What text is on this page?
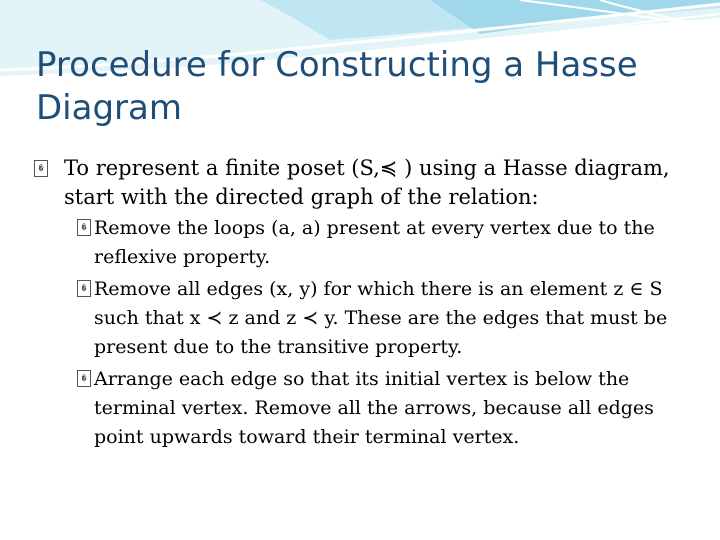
Procedure for Constructing a Hasse Diagram
� To represent a finite poset (S,≼ ) using a Hasse diagram, start with the directed graph of the relation:
� Remove the loops (a, a) present at every vertex due to the reflexive property.
� Remove all edges (x, y) for which there is an element z ∈ S such that x ≺ z and z ≺ y. These are the edges that must be present due to the transitive property.
� Arrange each edge so that its initial vertex is below the terminal vertex. Remove all the arrows, because all edges point upwards toward their terminal vertex.
